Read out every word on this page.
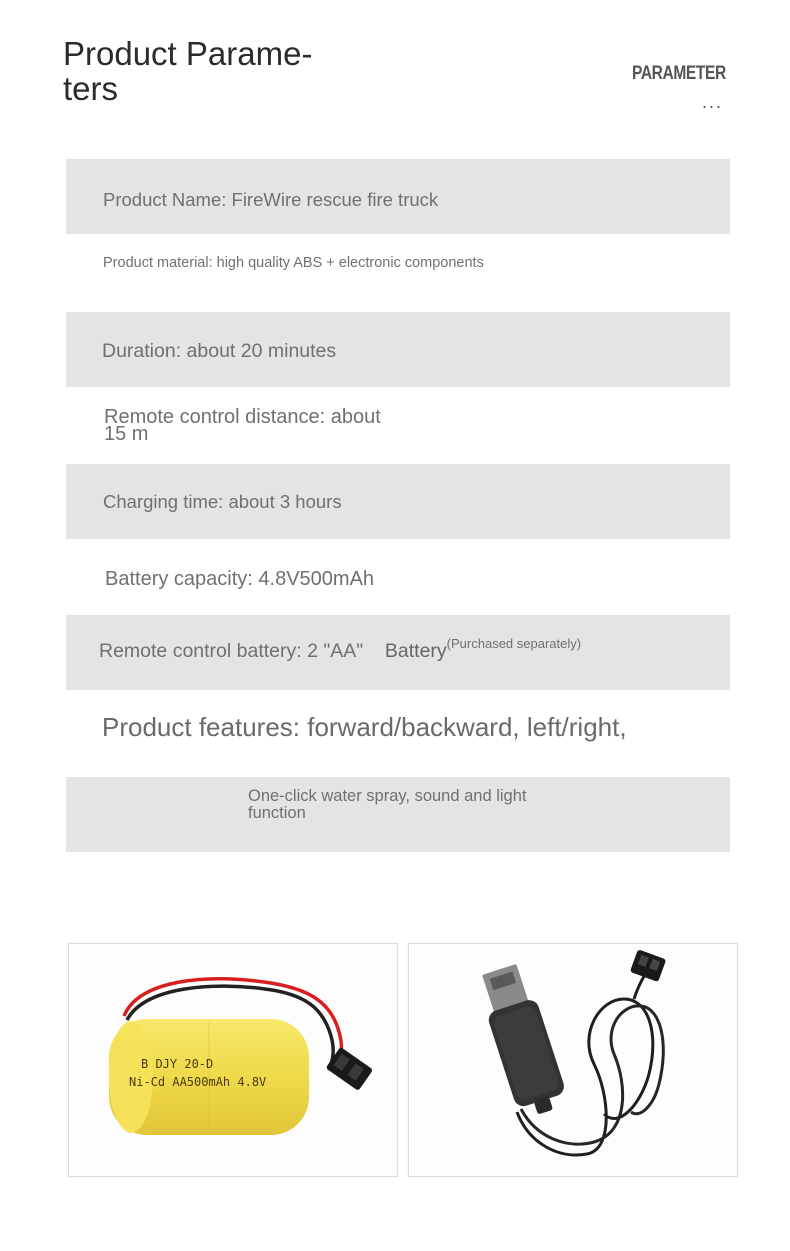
Product Parame-ters	PARAMETER
...
Product Name: FireWire rescue fire truck
Product material: high quality ABS + electronic components
Duration: about 20 minutes
Remote control distance: about 15 m
Charging time: about 3 hours
Battery capacity: 4.8V500mAh
Remote control battery: 2 "AA" Battery(Purchased separately)
Product features: forward/backward, left/right,
One-click water spray, sound and light function
B DJY 20-D
Ni-Cd AA500mAh 4.8V
